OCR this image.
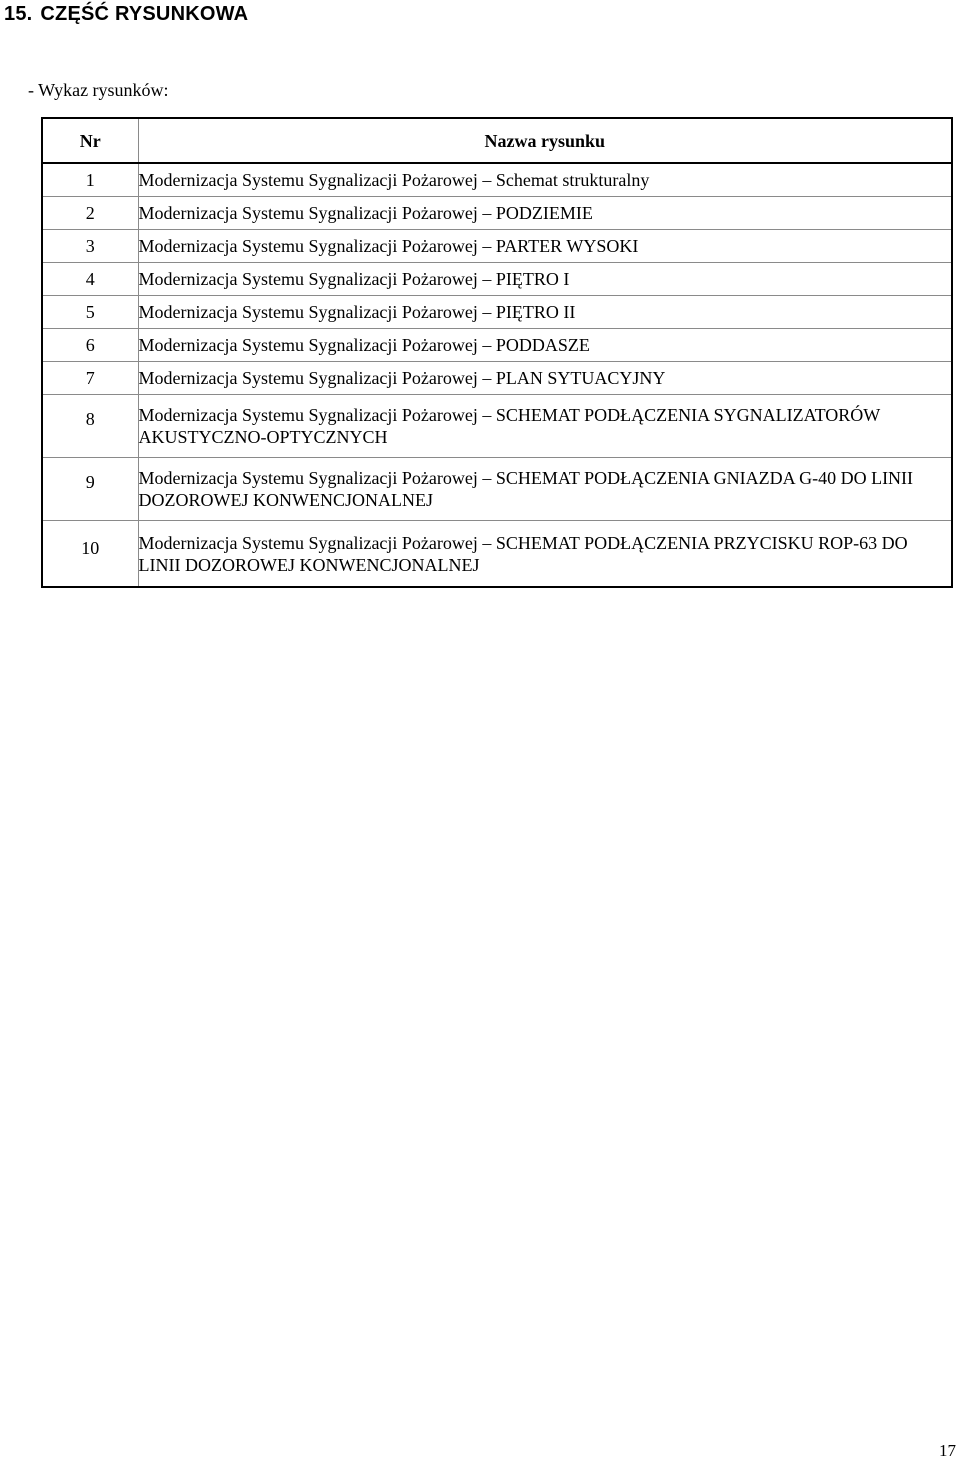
15. CZĘŚĆ RYSUNKOWA
- Wykaz rysunków:
Nr	Nazwa rysunku
1	Modernizacja Systemu Sygnalizacji Pożarowej – Schemat strukturalny
2	Modernizacja Systemu Sygnalizacji Pożarowej – PODZIEMIE
3	Modernizacja Systemu Sygnalizacji Pożarowej – PARTER WYSOKI
4	Modernizacja Systemu Sygnalizacji Pożarowej – PIĘTRO I
5	Modernizacja Systemu Sygnalizacji Pożarowej – PIĘTRO II
6	Modernizacja Systemu Sygnalizacji Pożarowej – PODDASZE
7	Modernizacja Systemu Sygnalizacji Pożarowej – PLAN SYTUACYJNY
8	Modernizacja Systemu Sygnalizacji Pożarowej – SCHEMAT PODŁĄCZENIA SYGNALIZATORÓW AKUSTYCZNO-OPTYCZNYCH
9	Modernizacja Systemu Sygnalizacji Pożarowej – SCHEMAT PODŁĄCZENIA GNIAZDA G-40 DO LINII DOZOROWEJ KONWENCJONALNEJ
10	Modernizacja Systemu Sygnalizacji Pożarowej – SCHEMAT PODŁĄCZENIA PRZYCISKU ROP-63 DO LINII DOZOROWEJ KONWENCJONALNEJ
17
